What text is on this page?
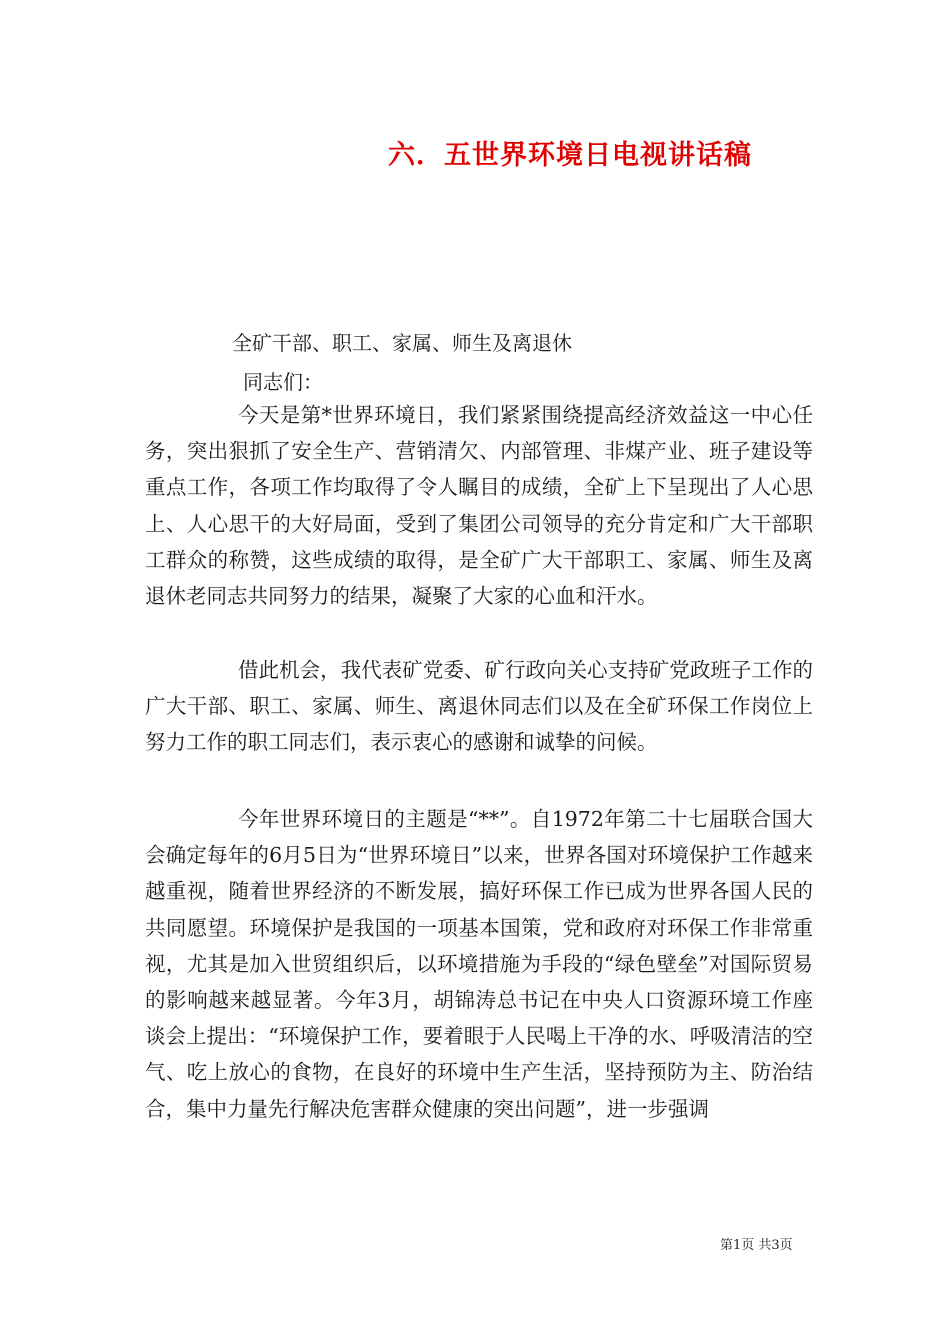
六．五世界环境日电视讲话稿
全矿干部、职工、家属、师生及离退休
同志们：

今天是第*世界环境日，我们紧紧围绕提高经济效益这一中心任务，突出狠抓了安全生产、营销清欠、内部管理、非煤产业、班子建设等重点工作，各项工作均取得了令人瞩目的成绩，全矿上下呈现出了人心思上、人心思干的大好局面，受到了集团公司领导的充分肯定和广大干部职工群众的称赞，这些成绩的取得，是全矿广大干部职工、家属、师生及离退休老同志共同努力的结果，凝聚了大家的心血和汗水。

借此机会，我代表矿党委、矿行政向关心支持矿党政班子工作的广大干部、职工、家属、师生、离退休同志们以及在全矿环保工作岗位上努力工作的职工同志们，表示衷心的感谢和诚挚的问候。

今年世界环境日的主题是“**”。自1972年第二十七届联合国大会确定每年的6月5日为“世界环境日”以来，世界各国对环境保护工作越来越重视，随着世界经济的不断发展，搞好环保工作已成为世界各国人民的共同愿望。环境保护是我国的一项基本国策，党和政府对环保工作非常重视，尤其是加入世贸组织后，以环境措施为手段的“绿色壁垒”对国际贸易的影响越来越显著。今年3月，胡锦涛总书记在中央人口资源环境工作座谈会上提出：“环境保护工作，要着眼于人民喝上干净的水、呼吸清洁的空气、吃上放心的食物，在良好的环境中生产生活，坚持预防为主、防治结合，集中力量先行解决危害群众健康的突出问题”，进一步强调

第1页 共3页
